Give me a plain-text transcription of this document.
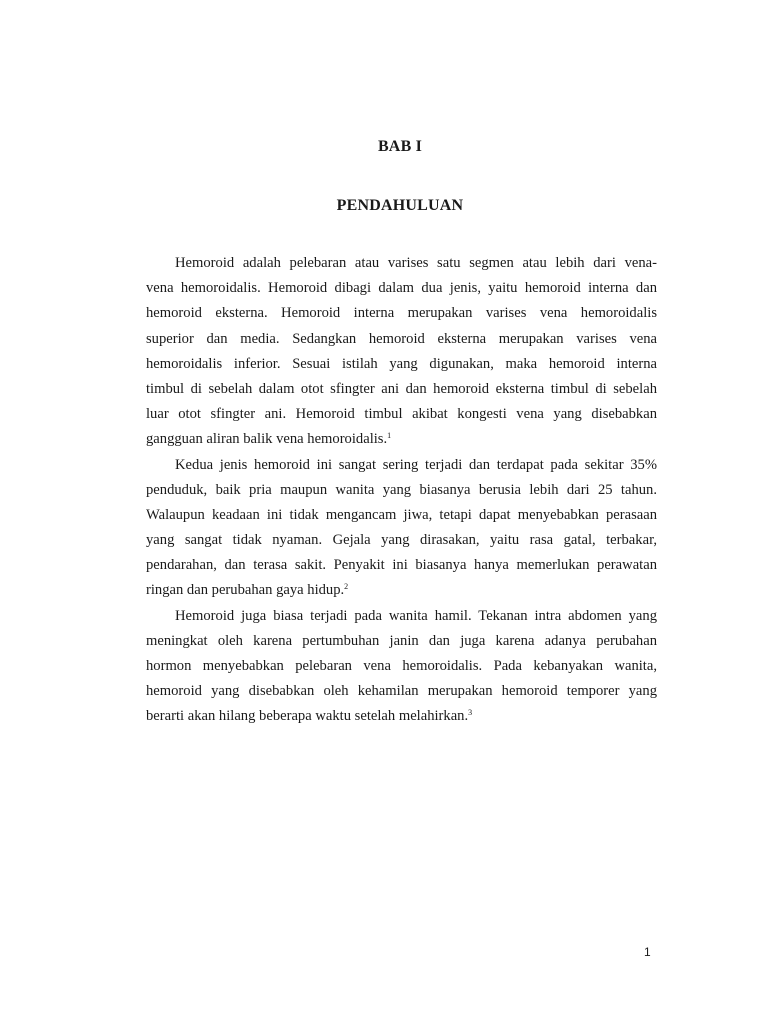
BAB I
PENDAHULUAN
Hemoroid adalah pelebaran atau varises satu segmen atau lebih dari vena-
vena hemoroidalis. Hemoroid dibagi dalam dua jenis, yaitu hemoroid interna dan
hemoroid eksterna. Hemoroid interna merupakan varises vena hemoroidalis
superior dan media. Sedangkan hemoroid eksterna merupakan varises vena
hemoroidalis inferior. Sesuai istilah yang digunakan, maka hemoroid interna
timbul di sebelah dalam otot sfingter ani dan hemoroid eksterna timbul di sebelah
luar otot sfingter ani. Hemoroid timbul akibat kongesti vena yang disebabkan
gangguan aliran balik vena hemoroidalis.$^1$
Kedua jenis hemoroid ini sangat sering terjadi dan terdapat pada sekitar 35%
penduduk, baik pria maupun wanita yang biasanya berusia lebih dari 25 tahun.
Walaupun keadaan ini tidak mengancam jiwa, tetapi dapat menyebabkan perasaan
yang sangat tidak nyaman. Gejala yang dirasakan, yaitu rasa gatal, terbakar,
pendarahan, dan terasa sakit. Penyakit ini biasanya hanya memerlukan perawatan
ringan dan perubahan gaya hidup.$^2$
Hemoroid juga biasa terjadi pada wanita hamil. Tekanan intra abdomen yang
meningkat oleh karena pertumbuhan janin dan juga karena adanya perubahan
hormon menyebabkan pelebaran vena hemoroidalis. Pada kebanyakan wanita,
hemoroid yang disebabkan oleh kehamilan merupakan hemoroid temporer yang
berarti akan hilang beberapa waktu setelah melahirkan.$^3$
1
